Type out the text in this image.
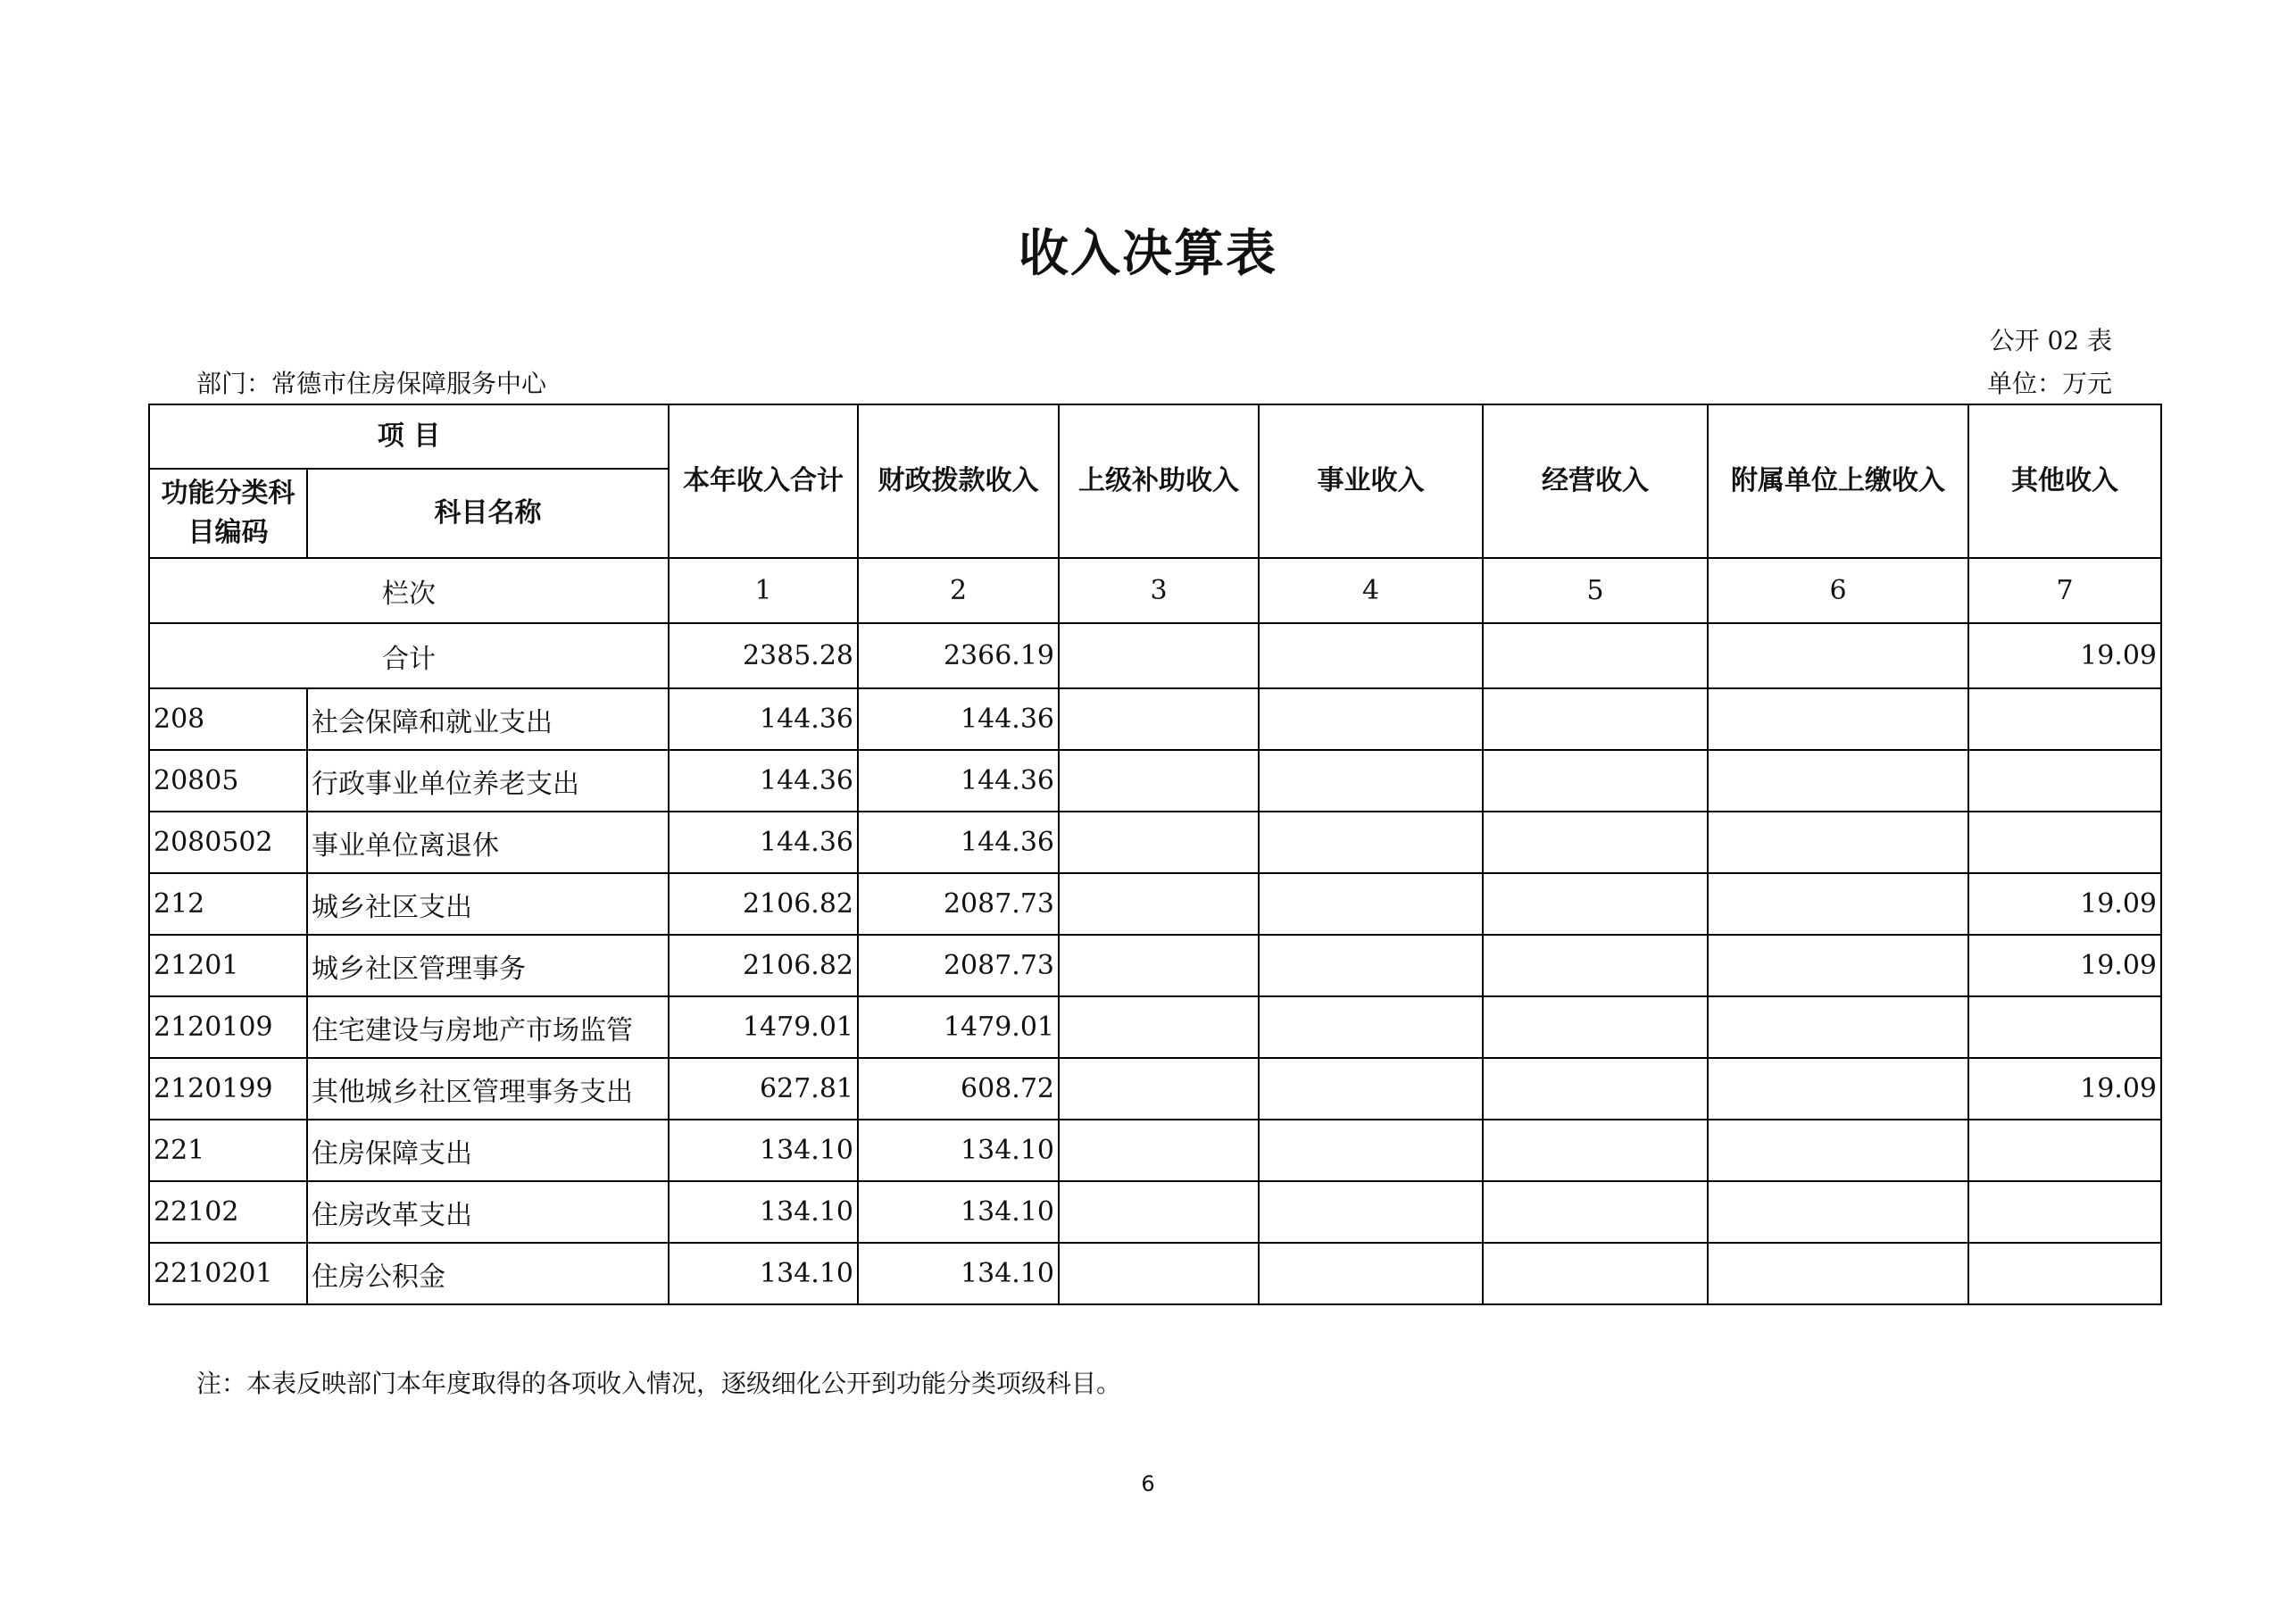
收入决算表
公开 02 表
部门：常德市住房保障服务中心	单位：万元
项 目		本年收入合计	财政拨款收入	上级补助收入	事业收入	经营收入	附属单位上缴收入	其他收入
功能分类科目编码	科目名称							
栏次		1	2	3	4	5	6	7
合计		2385.28	2366.19					19.09
208	社会保障和就业支出	144.36	144.36					
20805	行政事业单位养老支出	144.36	144.36					
2080502	事业单位离退休	144.36	144.36					
212	城乡社区支出	2106.82	2087.73					19.09
21201	城乡社区管理事务	2106.82	2087.73					19.09
2120109	住宅建设与房地产市场监管	1479.01	1479.01					
2120199	其他城乡社区管理事务支出	627.81	608.72					19.09
221	住房保障支出	134.10	134.10					
22102	住房改革支出	134.10	134.10					
2210201	住房公积金	134.10	134.10					
注：本表反映部门本年度取得的各项收入情况，逐级细化公开到功能分类项级科目。
6
